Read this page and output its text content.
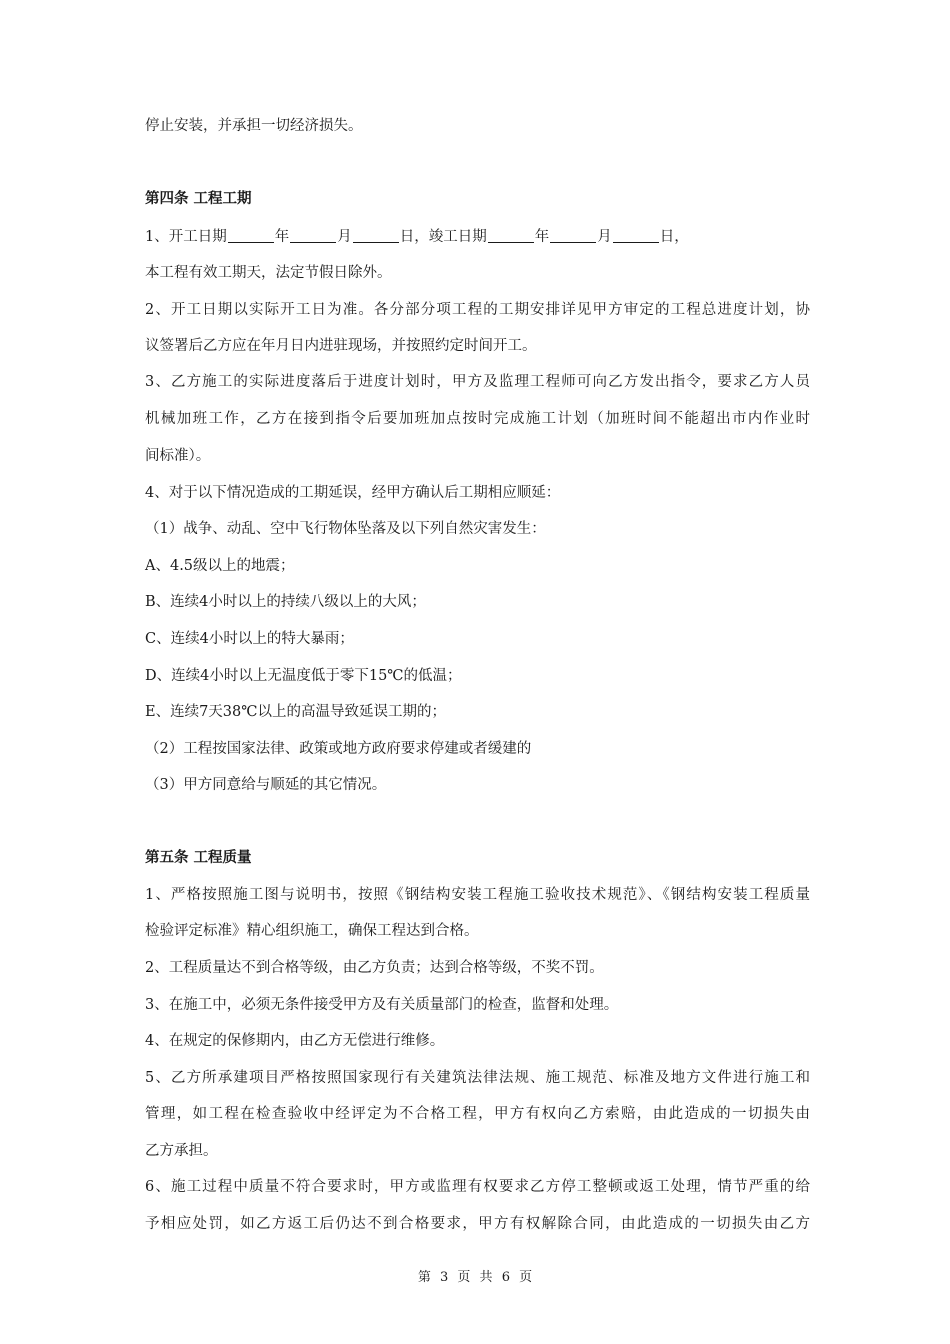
停止安装，并承担一切经济损失。
第四条 工程工期
1、开工日期	年	月	日，竣工日期	年	月	日，
本工程有效工期天，法定节假日除外。
2、开工日期以实际开工日为准。各分部分项工程的工期安排详见甲方审定的工程总进度计划，协
议签署后乙方应在年月日内进驻现场，并按照约定时间开工。
3、乙方施工的实际进度落后于进度计划时，甲方及监理工程师可向乙方发出指令，要求乙方人员
机械加班工作，乙方在接到指令后要加班加点按时完成施工计划（加班时间不能超出市内作业时
间标准）。
4、对于以下情况造成的工期延误，经甲方确认后工期相应顺延：
（1）战争、动乱、空中飞行物体坠落及以下列自然灾害发生：
A、4.5级以上的地震；
B、连续4小时以上的持续八级以上的大风；
C、连续4小时以上的特大暴雨；
D、连续4小时以上无温度低于零下15℃的低温；
E、连续7天38℃以上的高温导致延误工期的；
（2）工程按国家法律、政策或地方政府要求停建或者缓建的
（3）甲方同意给与顺延的其它情况。
第五条 工程质量
1、严格按照施工图与说明书，按照《钢结构安装工程施工验收技术规范》、《钢结构安装工程质量
检验评定标准》精心组织施工，确保工程达到合格。
2、工程质量达不到合格等级，由乙方负责；达到合格等级，不奖不罚。
3、在施工中，必须无条件接受甲方及有关质量部门的检查，监督和处理。
4、在规定的保修期内，由乙方无偿进行维修。
5、乙方所承建项目严格按照国家现行有关建筑法律法规、施工规范、标准及地方文件进行施工和
管理，如工程在检查验收中经评定为不合格工程，甲方有权向乙方索赔，由此造成的一切损失由
乙方承担。
6、施工过程中质量不符合要求时，甲方或监理有权要求乙方停工整顿或返工处理，情节严重的给
予相应处罚，如乙方返工后仍达不到合格要求，甲方有权解除合同，由此造成的一切损失由乙方
第 3 页 共 6 页
